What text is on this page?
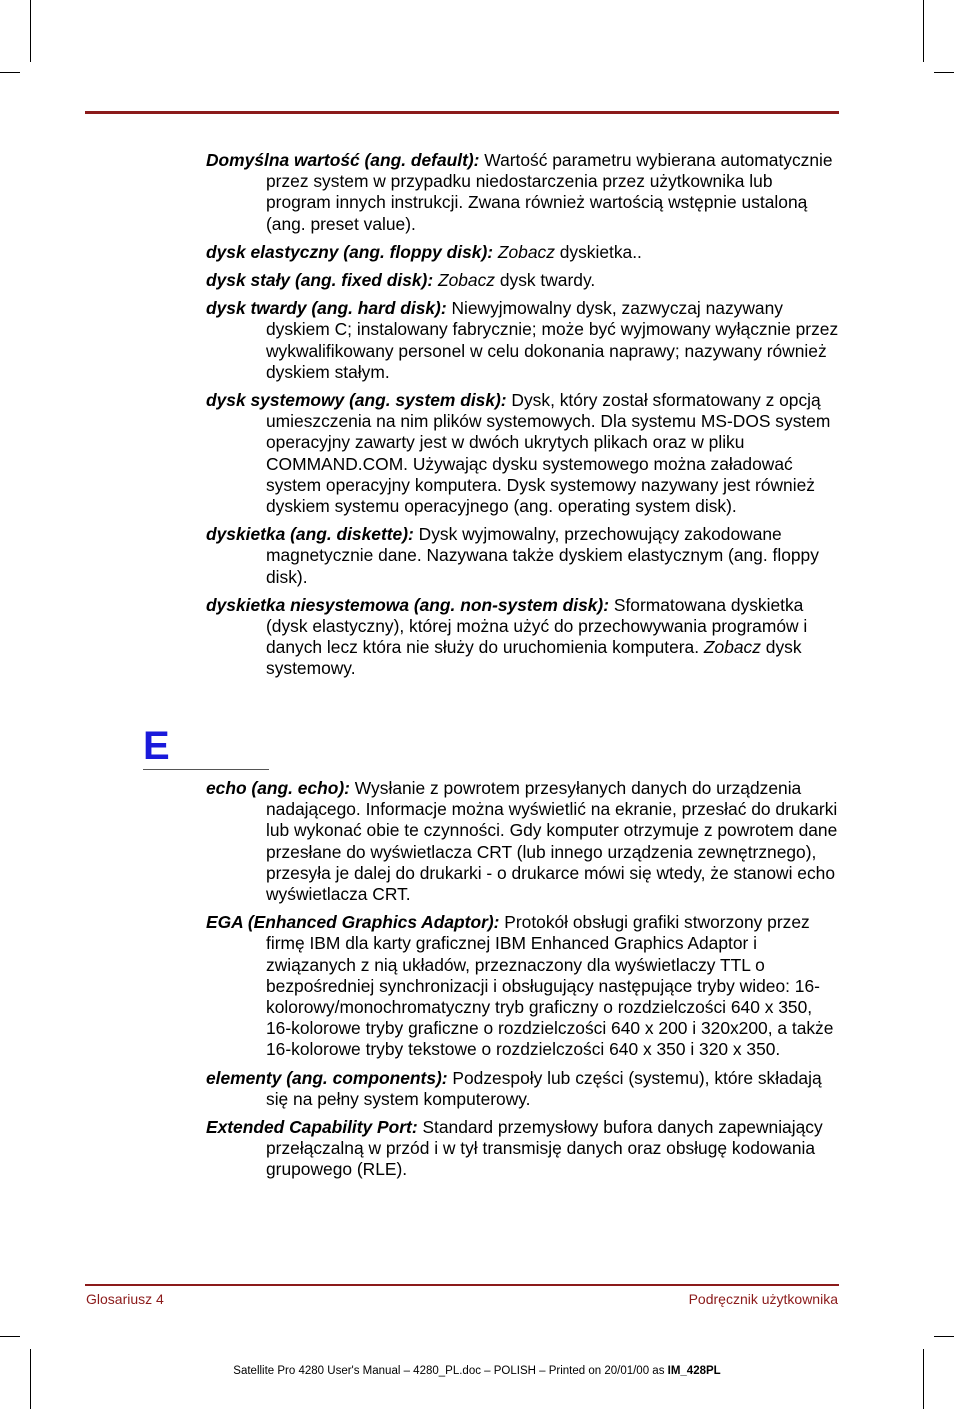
Domyślna wartość (ang. default): Wartość parametru wybierana automatycznie przez system w przypadku niedostarczenia przez użytkownika lub program innych instrukcji. Zwana również wartością wstępnie ustaloną (ang. preset value).

dysk elastyczny (ang. floppy disk): Zobacz dyskietka..

dysk stały (ang. fixed disk): Zobacz dysk twardy.

dysk twardy (ang. hard disk): Niewyjmowalny dysk, zazwyczaj nazywany dyskiem C; instalowany fabrycznie; może być wyjmowany wyłącznie przez wykwalifikowany personel w celu dokonania naprawy; nazywany również dyskiem stałym.

dysk systemowy (ang. system disk): Dysk, który został sformatowany z opcją umieszczenia na nim plików systemowych. Dla systemu MS-DOS system operacyjny zawarty jest w dwóch ukrytych plikach oraz w pliku COMMAND.COM. Używając dysku systemowego można załadować system operacyjny komputera. Dysk systemowy nazywany jest również dyskiem systemu operacyjnego (ang. operating system disk).

dyskietka (ang. diskette): Dysk wyjmowalny, przechowujący zakodowane magnetycznie dane. Nazywana także dyskiem elastycznym (ang. floppy disk).

dyskietka niesystemowa (ang. non-system disk): Sformatowana dyskietka (dysk elastyczny), której można użyć do przechowywania programów i danych lecz która nie służy do uruchomienia komputera. Zobacz dysk systemowy.

E

echo (ang. echo): Wysłanie z powrotem przesyłanych danych do urządzenia nadającego. Informacje można wyświetlić na ekranie, przesłać do drukarki lub wykonać obie te czynności. Gdy komputer otrzymuje z powrotem dane przesłane do wyświetlacza CRT (lub innego urządzenia zewnętrznego), przesyła je dalej do drukarki - o drukarce mówi się wtedy, że stanowi echo wyświetlacza CRT.

EGA (Enhanced Graphics Adaptor): Protokół obsługi grafiki stworzony przez firmę IBM dla karty graficznej IBM Enhanced Graphics Adaptor i związanych z nią układów, przeznaczony dla wyświetlaczy TTL o bezpośredniej synchronizacji i obsługujący następujące tryby wideo: 16-kolorowy/monochromatyczny tryb graficzny o rozdzielczości 640 x 350, 16-kolorowe tryby graficzne o rozdzielczości 640 x 200 i 320x200, a także 16-kolorowe tryby tekstowe o rozdzielczości 640 x 350 i 320 x 350.

elementy (ang. components): Podzespoły lub części (systemu), które składają się na pełny system komputerowy.

Extended Capability Port: Standard przemysłowy bufora danych zapewniający przełączalną w przód i w tył transmisję danych oraz obsługę kodowania grupowego (RLE).

Glosariusz 4	Podręcznik użytkownika
Satellite Pro 4280 User's Manual – 4280_PL.doc – POLISH – Printed on 20/01/00 as IM_428PL
